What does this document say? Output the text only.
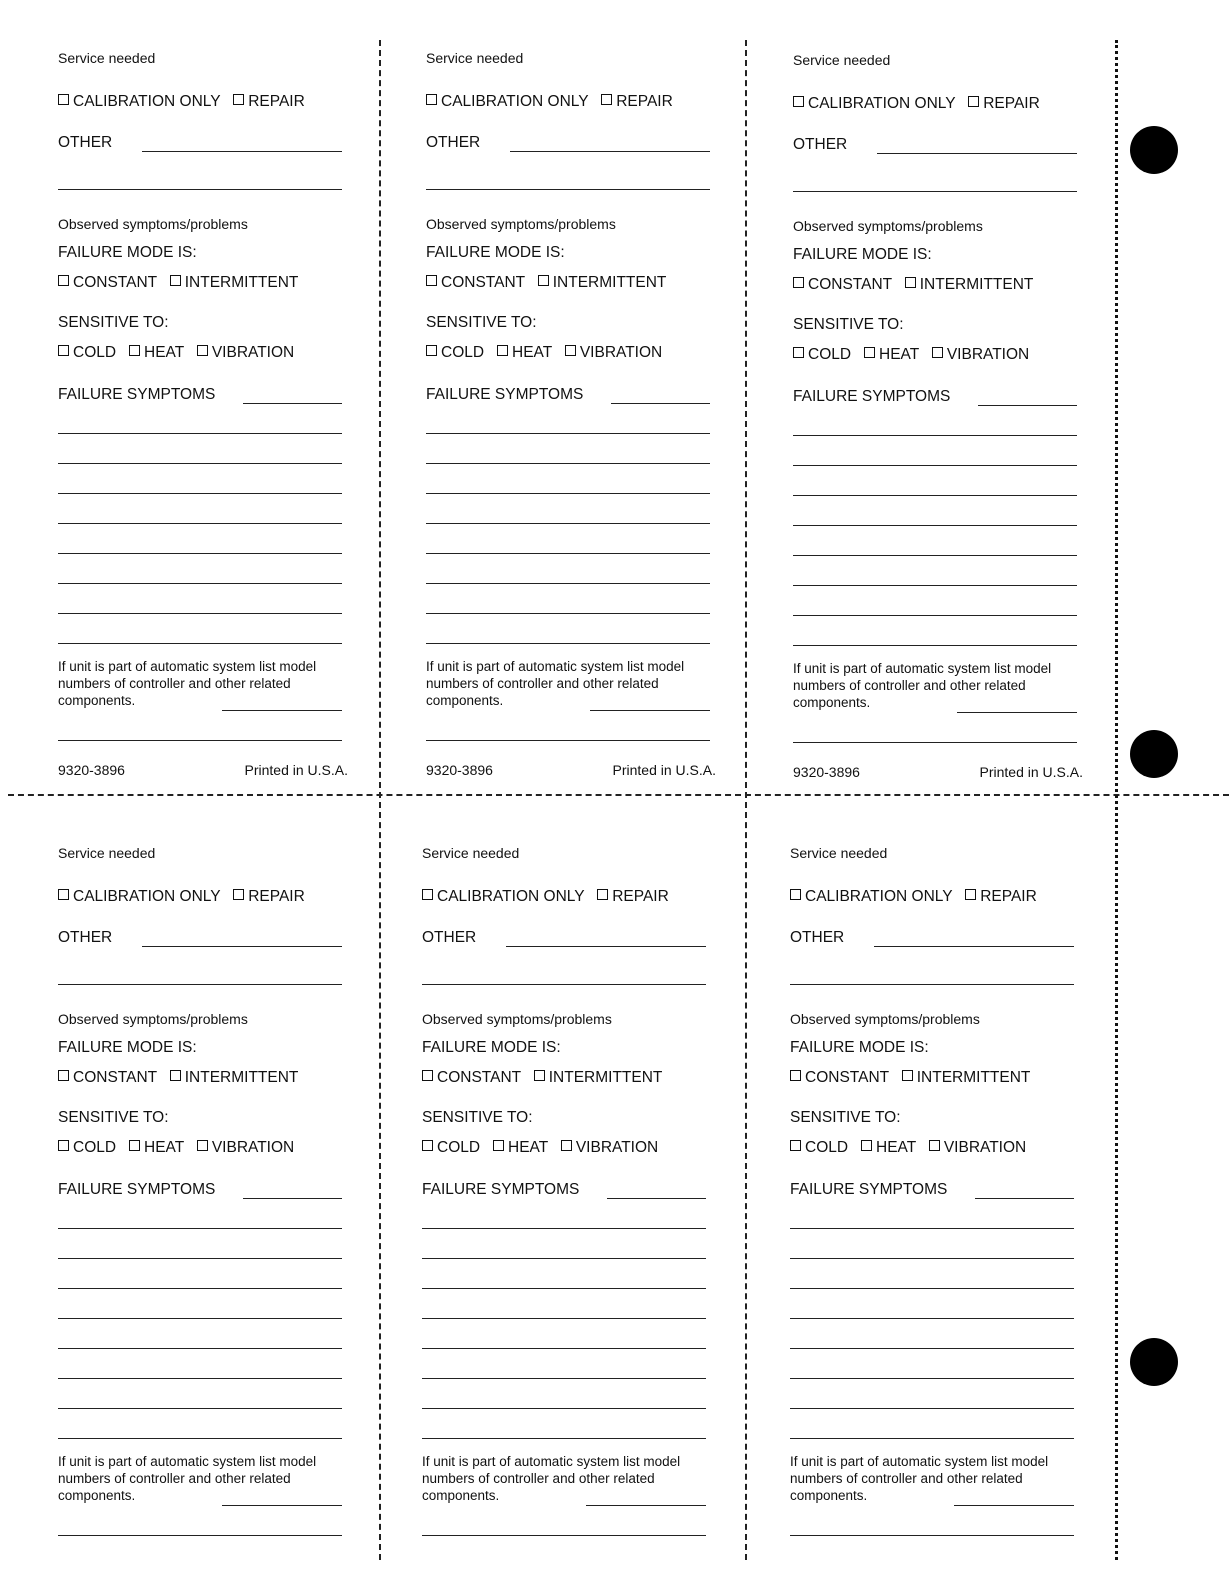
Service needed
CALIBRATION ONLY REPAIR
OTHER
Observed symptoms/problems
FAILURE MODE IS:
CONSTANT INTERMITTENT
SENSITIVE TO:
COLD HEAT VIBRATION
FAILURE SYMPTOMS
If unit is part of automatic system list model numbers of controller and other related components.
9320-3896	Printed in U.S.A.
Service needed
CALIBRATION ONLY REPAIR
OTHER
Observed symptoms/problems
FAILURE MODE IS:
CONSTANT INTERMITTENT
SENSITIVE TO:
COLD HEAT VIBRATION
FAILURE SYMPTOMS
If unit is part of automatic system list model numbers of controller and other related components.
9320-3896	Printed in U.S.A.
Service needed
CALIBRATION ONLY REPAIR
OTHER
Observed symptoms/problems
FAILURE MODE IS:
CONSTANT INTERMITTENT
SENSITIVE TO:
COLD HEAT VIBRATION
FAILURE SYMPTOMS
If unit is part of automatic system list model numbers of controller and other related components.
9320-3896	Printed in U.S.A.
Service needed
CALIBRATION ONLY REPAIR
OTHER
Observed symptoms/problems
FAILURE MODE IS:
CONSTANT INTERMITTENT
SENSITIVE TO:
COLD HEAT VIBRATION
FAILURE SYMPTOMS
If unit is part of automatic system list model numbers of controller and other related components.
Service needed
CALIBRATION ONLY REPAIR
OTHER
Observed symptoms/problems
FAILURE MODE IS:
CONSTANT INTERMITTENT
SENSITIVE TO:
COLD HEAT VIBRATION
FAILURE SYMPTOMS
If unit is part of automatic system list model numbers of controller and other related components.
Service needed
CALIBRATION ONLY REPAIR
OTHER
Observed symptoms/problems
FAILURE MODE IS:
CONSTANT INTERMITTENT
SENSITIVE TO:
COLD HEAT VIBRATION
FAILURE SYMPTOMS
If unit is part of automatic system list model numbers of controller and other related components.
